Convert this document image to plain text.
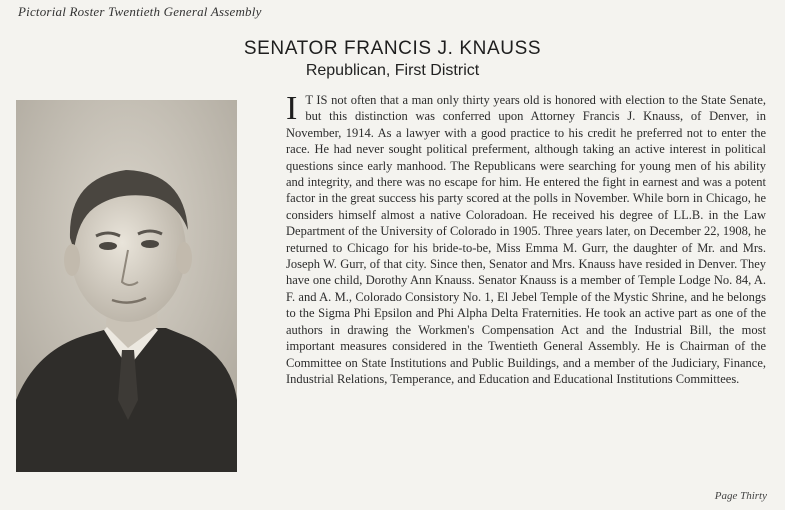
Pictorial Roster Twentieth General Assembly
SENATOR FRANCIS J. KNAUSS
Republican, First District
I T IS not often that a man only thirty years old is honored with election to the State Senate, but this distinction was conferred upon Attorney Francis J. Knauss, of Denver, in November, 1914. As a lawyer with a good practice to his credit he preferred not to enter the race. He had never sought political preferment, although taking an active interest in political questions since early manhood. The Republicans were searching for young men of his ability and integrity, and there was no escape for him. He entered the fight in earnest and was a potent factor in the great success his party scored at the polls in November. While born in Chicago, he considers himself almost a native Coloradoan. He received his degree of LL.B. in the Law Department of the University of Colorado in 1905. Three years later, on December 22, 1908, he returned to Chicago for his bride-to-be, Miss Emma M. Gurr, the daughter of Mr. and Mrs. Joseph W. Gurr, of that city. Since then, Senator and Mrs. Knauss have resided in Denver. They have one child, Dorothy Ann Knauss. Senator Knauss is a member of Temple Lodge No. 84, A. F. and A. M., Colorado Consistory No. 1, El Jebel Temple of the Mystic Shrine, and he belongs to the Sigma Phi Epsilon and Phi Alpha Delta Fraternities. He took an active part as one of the authors in drawing the Workmen's Compensation Act and the Industrial Bill, the most important measures considered in the Twentieth General Assembly. He is Chairman of the Committee on State Institutions and Public Buildings, and a member of the Judiciary, Finance, Industrial Relations, Temperance, and Education and Educational Institutions Committees.
Page Thirty
